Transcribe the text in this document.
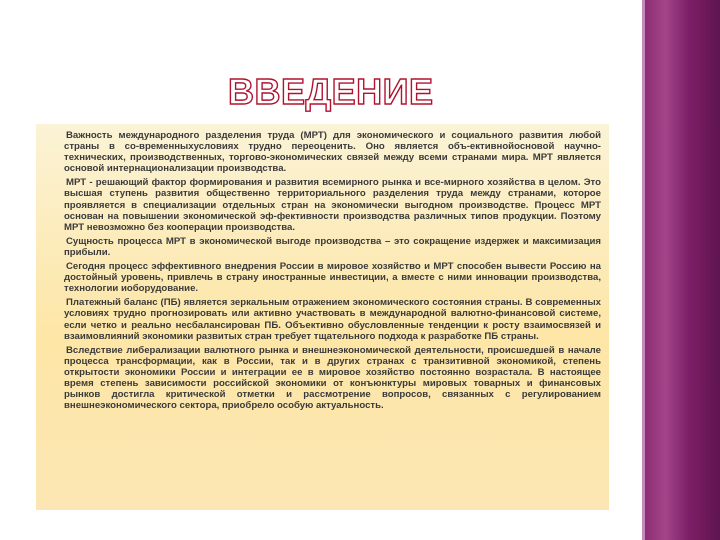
ВВЕДЕНИЕ

Важность международного разделения труда (МРТ) для экономического и социального развития любой страны в со-временныхусловиях трудно переоценить. Оно является объ-ективнойосновой научно-технических, производственных, торгово-экономических связей между всеми странами мира. МРТ является основой интернационализации производства.

МРТ - решающий фактор формирования и развития всемирного рынка и все-мирного хозяйства в целом. Это высшая ступень развития общественно территориального разделения труда между странами, которое проявляется в специализации отдельных стран на экономически выгодном производстве. Процесс МРТ основан на повышении экономической эф-фективности производства различных типов продукции. Поэтому МРТ невозможно без кооперации производства.

Сущность процесса МРТ в экономической выгоде производства – это сокращение издержек и максимизация прибыли.

Сегодня процесс эффективного внедрения России в мировое хозяйство и МРТ способен вывести Россию на достойный уровень, привлечь в страну иностранные инвестиции, а вместе с ними инновации производства, технологии иоборудование.

Платежный баланс (ПБ) является зеркальным отражением экономического состояния страны. В современных условиях трудно прогнозировать или активно участвовать в международной валютно-финансовой системе, если четко и реально несбалансирован ПБ. Объективно обусловленные тенденции к росту взаимосвязей и взаимовлияний экономики развитых стран требует тщательного подхода к разработке ПБ страны.

Вследствие либерализации валютного рынка и внешнеэкономической деятельности, происшедшей в начале процесса трансформации, как в России, так и в других странах с транзитивной экономикой, степень открытости экономики России и интеграции ее в мировое хозяйство постоянно возрастала. В настоящее время степень зависимости российской экономики от конъюнктуры мировых товарных и финансовых рынков достигла критической отметки и рассмотрение вопросов, связанных с регулированием внешнеэкономического сектора, приобрело особую актуальность.
